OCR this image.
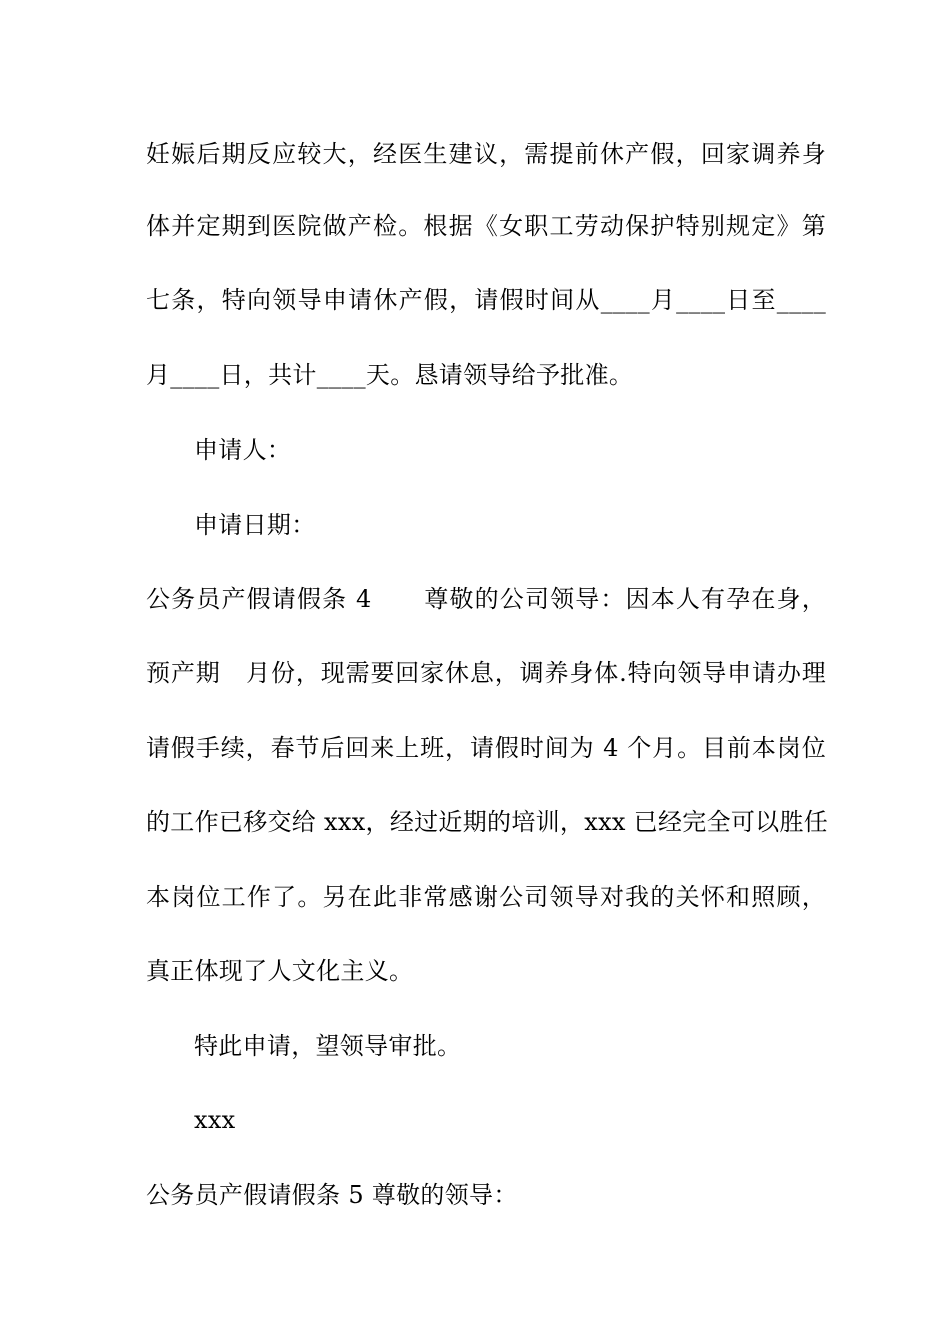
妊娠后期反应较大，经医生建议，需提前休产假，回家调养身
体并定期到医院做产检。根据《女职工劳动保护特别规定》第
七条，特向领导申请休产假，请假时间从____月____日至____
月____日，共计____天。恳请领导给予批准。
申请人：
申请日期：
公务员产假请假条 4      尊敬的公司领导：因本人有孕在身，
预产期   月份，现需要回家休息，调养身体.特向领导申请办理
请假手续，春节后回来上班，请假时间为 4 个月。目前本岗位
的工作已移交给 xxx，经过近期的培训，xxx 已经完全可以胜任
本岗位工作了。另在此非常感谢公司领导对我的关怀和照顾，
真正体现了人文化主义。
特此申请，望领导审批。
xxx
公务员产假请假条 5 尊敬的领导：
